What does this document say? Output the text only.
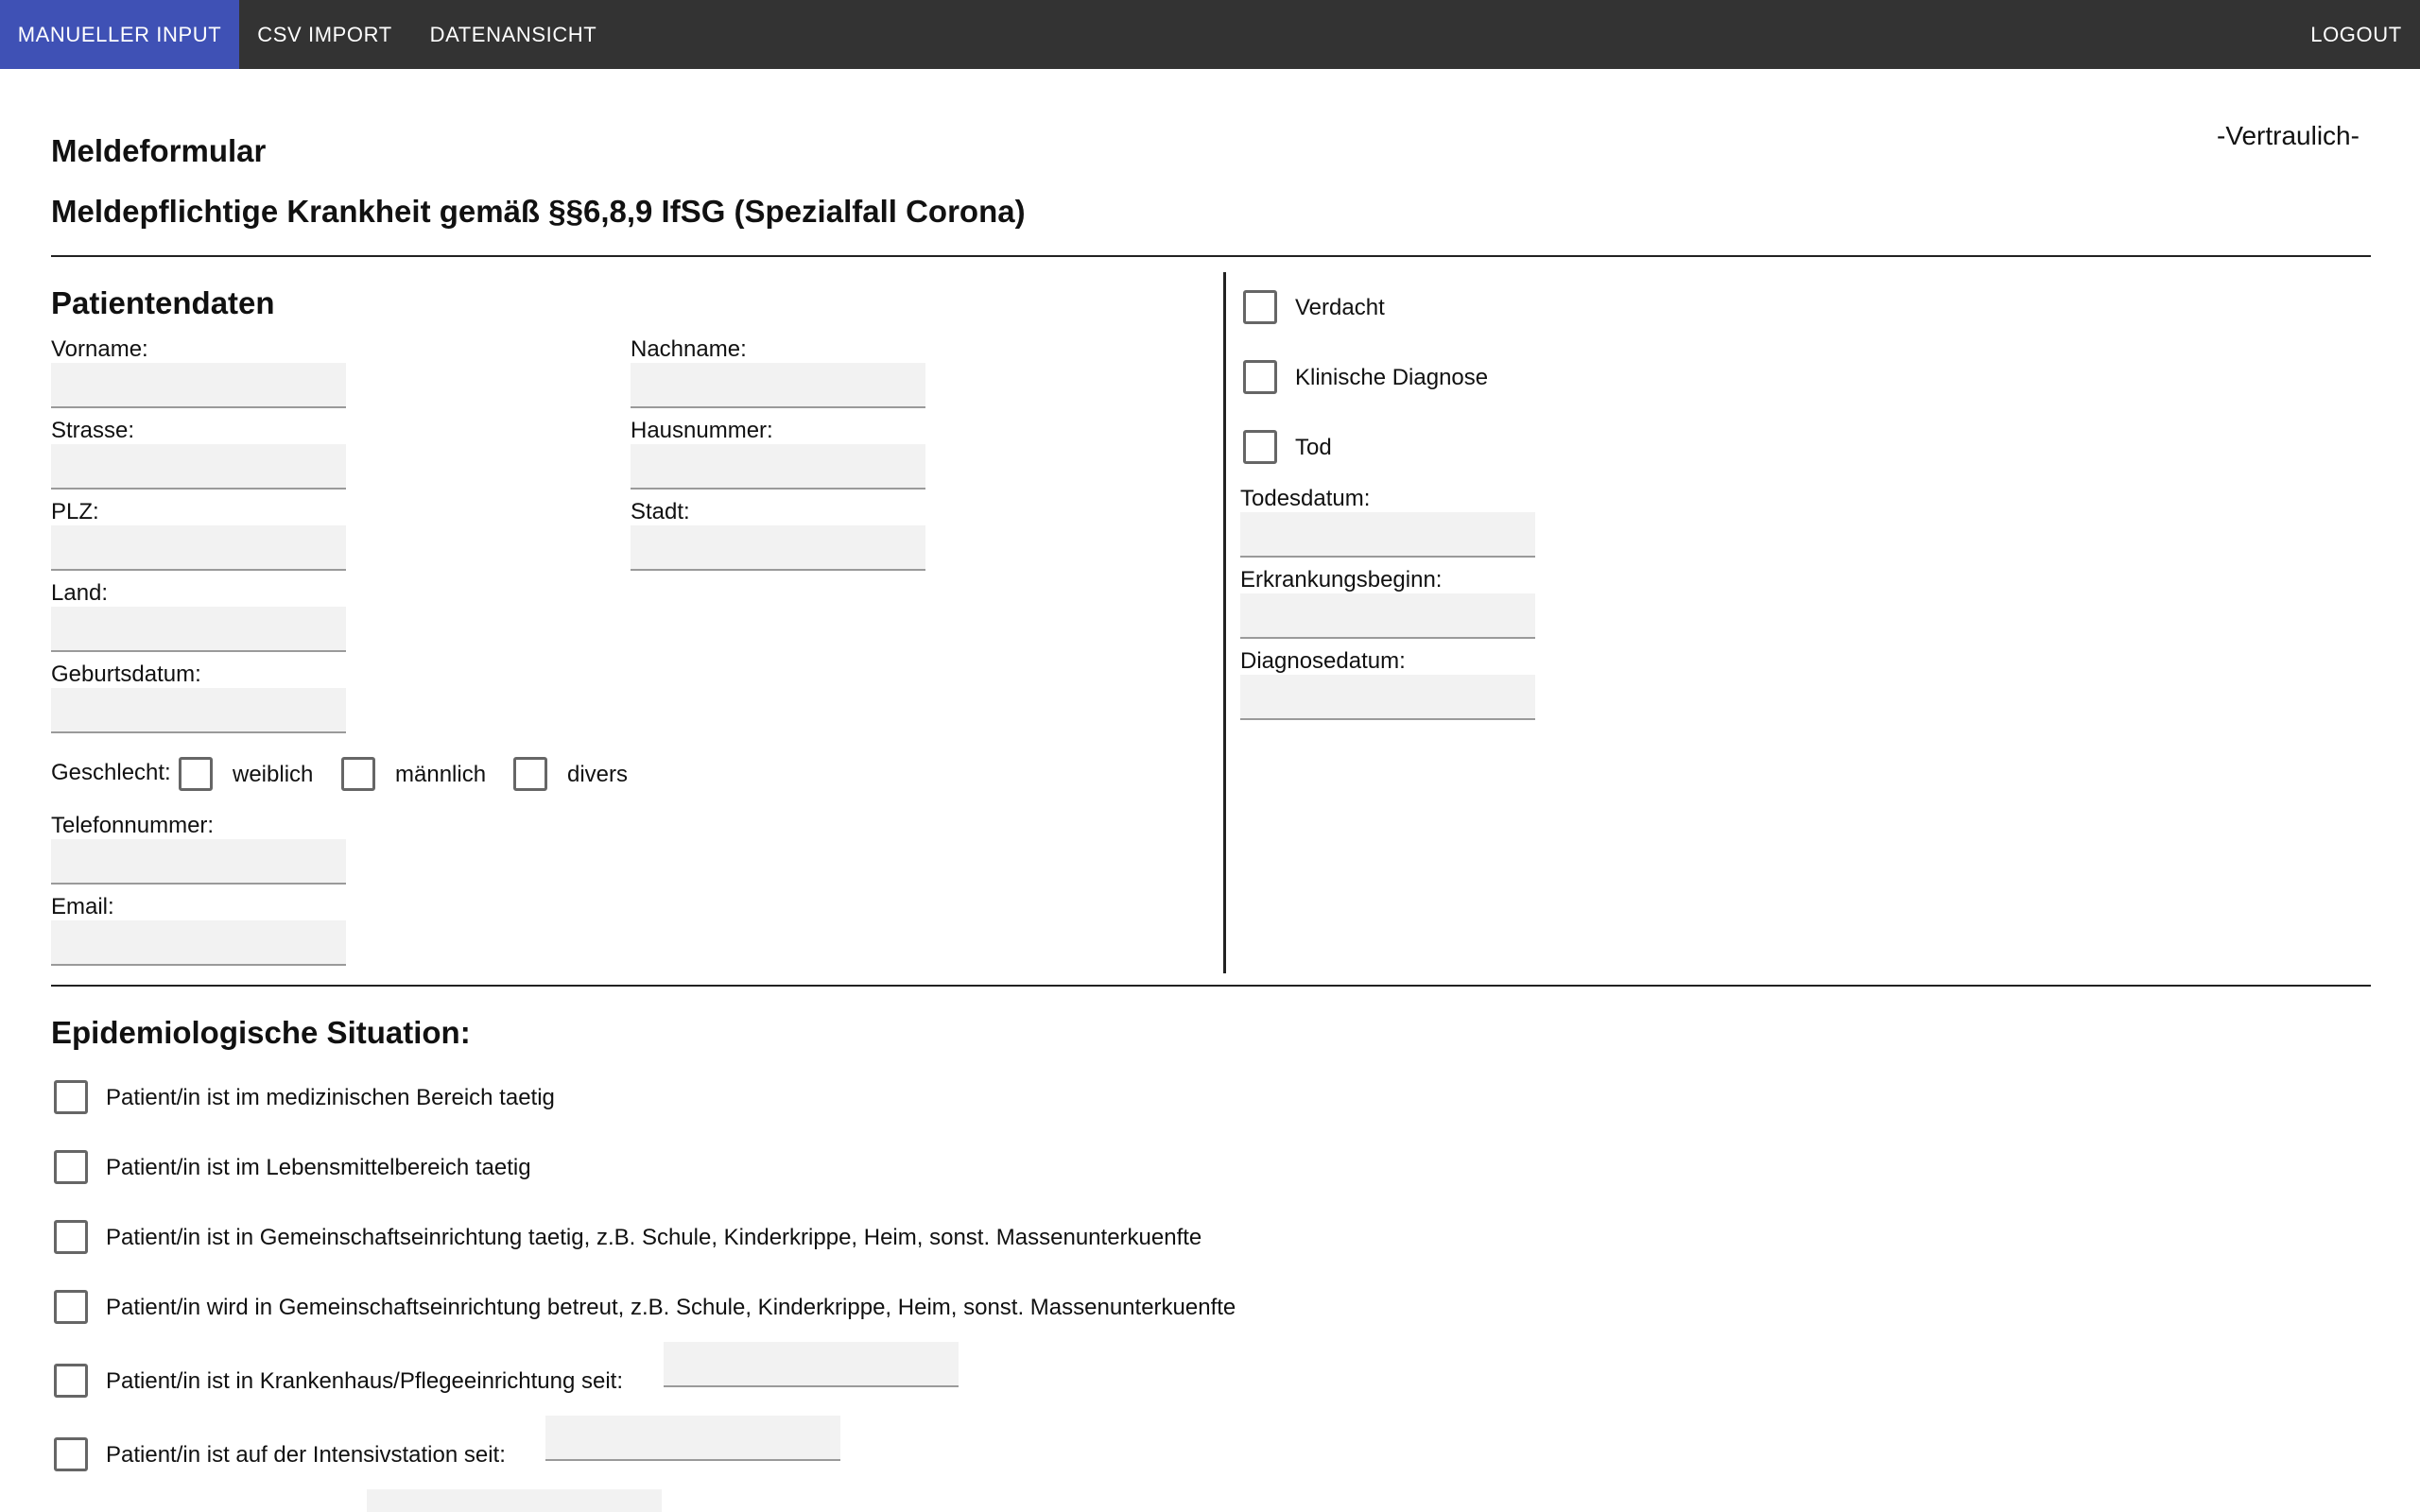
MANUELLER INPUT	CSV IMPORT	DATENANSICHT	LOGOUT
Meldeformular	-Vertraulich-
Meldepflichtige Krankheit gemäß §§6,8,9 IfSG (Spezialfall Corona)
Patientendaten
Vorname:	Nachname:
Strasse:	Hausnummer:
PLZ:	Stadt:
Land:
Geburtsdatum:
Geschlecht:	weiblich	männlich	divers
Telefonnummer:
Email:
Verdacht
Klinische Diagnose
Tod
Todesdatum:
Erkrankungsbeginn:
Diagnosedatum:
Epidemiologische Situation:
Patient/in ist im medizinischen Bereich taetig
Patient/in ist im Lebensmittelbereich taetig
Patient/in ist in Gemeinschaftseinrichtung taetig, z.B. Schule, Kinderkrippe, Heim, sonst. Massenunterkuenfte
Patient/in wird in Gemeinschaftseinrichtung betreut, z.B. Schule, Kinderkrippe, Heim, sonst. Massenunterkuenfte
Patient/in ist in Krankenhaus/Pflegeeinrichtung seit:
Patient/in ist auf der Intensivstation seit:
